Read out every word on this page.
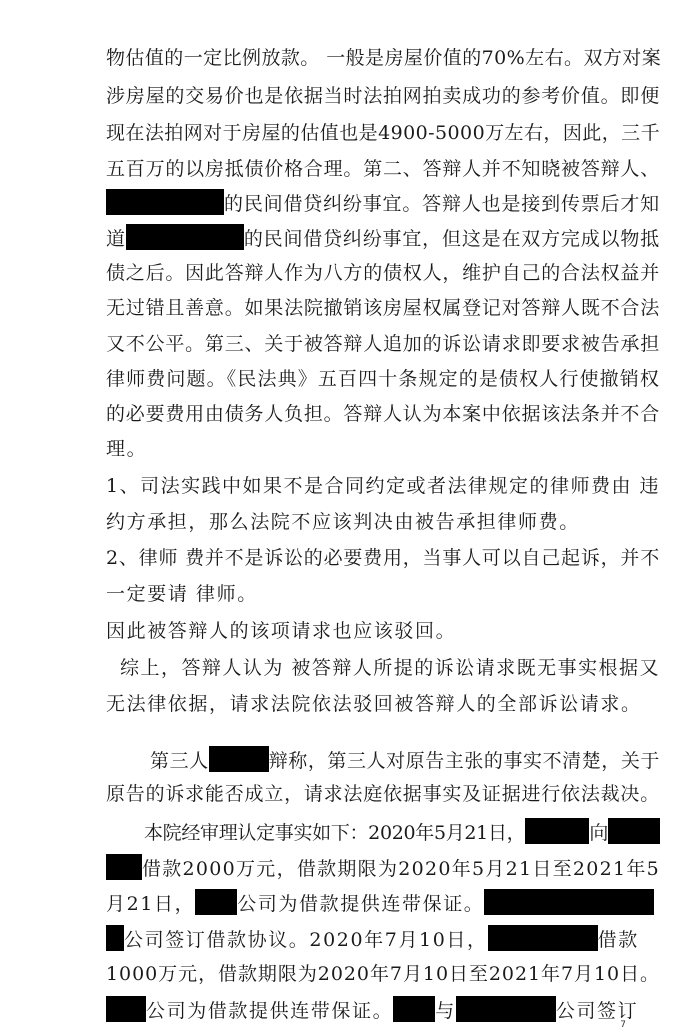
物估值的一定比例放款。 一般是房屋价值的70%左右。双方对案
涉房屋的交易价也是依据当时法拍网拍卖成功的参考价值。即便
现在法拍网对于房屋的估值也是4900-5000万左右，因此，三千
五百万的以房抵债价格合理。第二、答辩人并不知晓被答辩人、
的民间借贷纠纷事宜。答辩人也是接到传票后才知
道	的民间借贷纠纷事宜，但这是在双方完成以物抵
债之后。因此答辩人作为八方的债权人，维护自己的合法权益并
无过错且善意。如果法院撤销该房屋权属登记对答辩人既不合法
又不公平。第三、关于被答辩人追加的诉讼请求即要求被告承担
律师费问题。《民法典》五百四十条规定的是债权人行使撤销权
的必要费用由债务人负担。答辩人认为本案中依据该法条并不合
理。
1、司法实践中如果不是合同约定或者法律规定的律师费由 违
约方承担，那么法院不应该判决由被告承担律师费。
2、律师 费并不是诉讼的必要费用，当事人可以自己起诉，并不
一定要请 律师。
因此被答辩人的该项请求也应该驳回。
综上，答辩人认为 被答辩人所提的诉讼请求既无事实根据又
无法律依据，请求法院依法驳回被答辩人的全部诉讼请求。
第三人	辩称，第三人对原告主张的事实不清楚，关于
原告的诉求能否成立，请求法庭依据事实及证据进行依法裁决。
本院经审理认定事实如下：2020年5月21日，	向
借款2000万元，借款期限为2020年5月21日至2021年5
月21日， 公司为借款提供连带保证。
公司签订借款协议。2020年7月10日，	借款
1000万元，借款期限为2020年7月10日至2021年7月10日。
公司为借款提供连带保证。 与	公司签订
7
